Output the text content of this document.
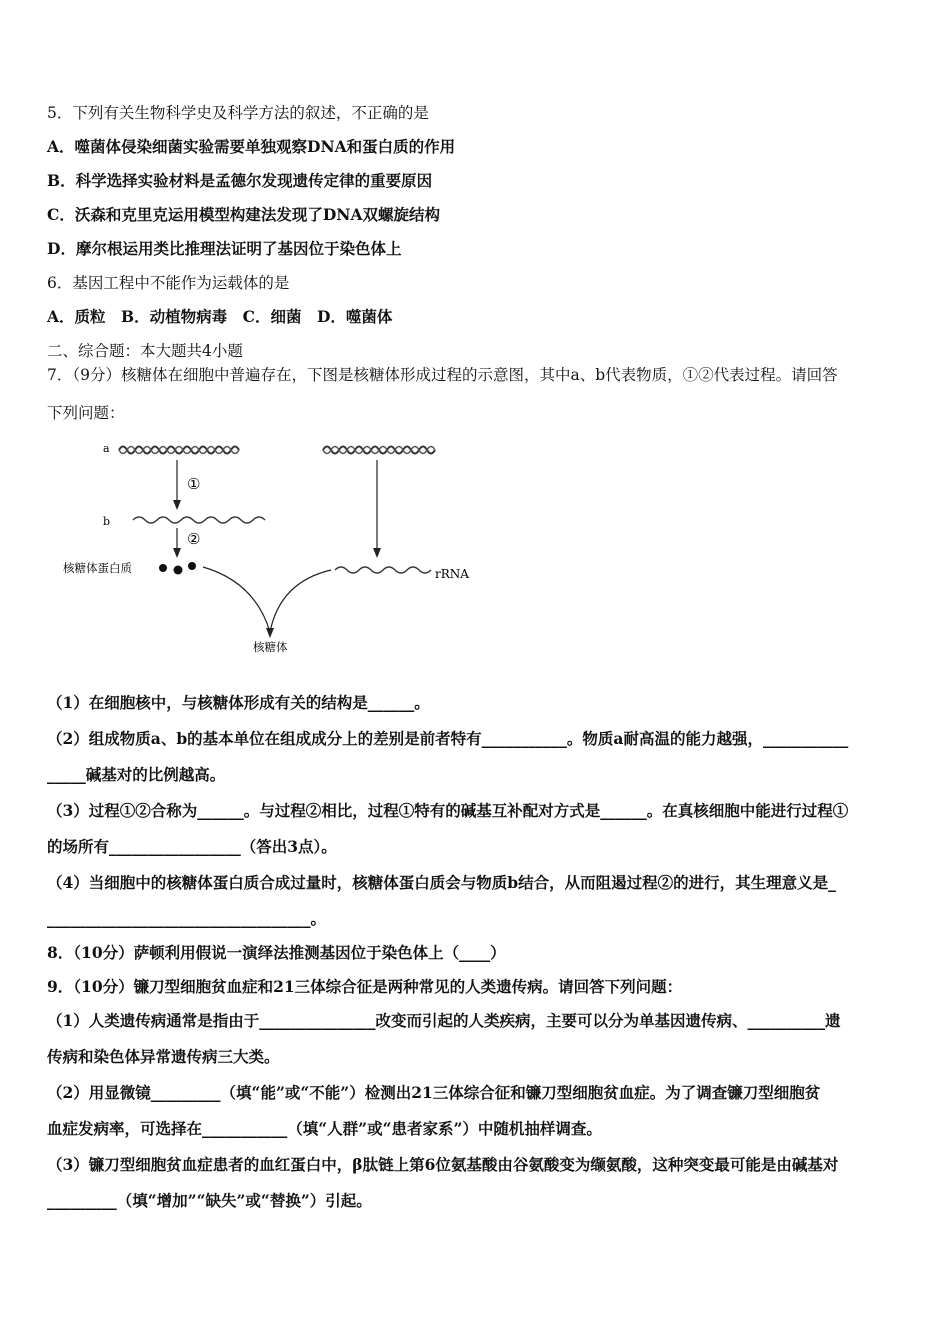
5．下列有关生物科学史及科学方法的叙述，不正确的是
A．噬菌体侵染细菌实验需要单独观察DNA和蛋白质的作用
B．科学选择实验材料是孟德尔发现遗传定律的重要原因
C．沃森和克里克运用模型构建法发现了DNA双螺旋结构
D．摩尔根运用类比推理法证明了基因位于染色体上
6．基因工程中不能作为运载体的是
A．质粒　B．动植物病毒　C．细菌　D．噬菌体
二、综合题：本大题共4小题
7．（9分）核糖体在细胞中普遍存在，下图是核糖体形成过程的示意图，其中a、b代表物质，①②代表过程。请回答
下列问题：
a
①
b
②
核糖体蛋白质	rRNA
核糖体
（1）在细胞核中，与核糖体形成有关的结构是______。
（2）组成物质a、b的基本单位在组成成分上的差别是前者特有___________。物质a耐高温的能力越强，___________
_____碱基对的比例越高。
（3）过程①②合称为______。与过程②相比，过程①特有的碱基互补配对方式是______。在真核细胞中能进行过程①
的场所有_________________（答出3点）。
（4）当细胞中的核糖体蛋白质合成过量时，核糖体蛋白质会与物质b结合，从而阻遏过程②的进行，其生理意义是_
__________________________________。
8．（10分）萨顿利用假说一演绎法推测基因位于染色体上（____）
9．（10分）镰刀型细胞贫血症和21三体综合征是两种常见的人类遗传病。请回答下列问题：
（1）人类遗传病通常是指由于_______________改变而引起的人类疾病，主要可以分为单基因遗传病、__________遗
传病和染色体异常遗传病三大类。
（2）用显微镜_________（填“能”或“不能”）检测出21三体综合征和镰刀型细胞贫血症。为了调查镰刀型细胞贫
血症发病率，可选择在___________（填“人群”或“患者家系”）中随机抽样调查。
（3）镰刀型细胞贫血症患者的血红蛋白中，β肽链上第6位氨基酸由谷氨酸变为缬氨酸，这种突变最可能是由碱基对
_________（填“增加”“缺失”或“替换”）引起。
